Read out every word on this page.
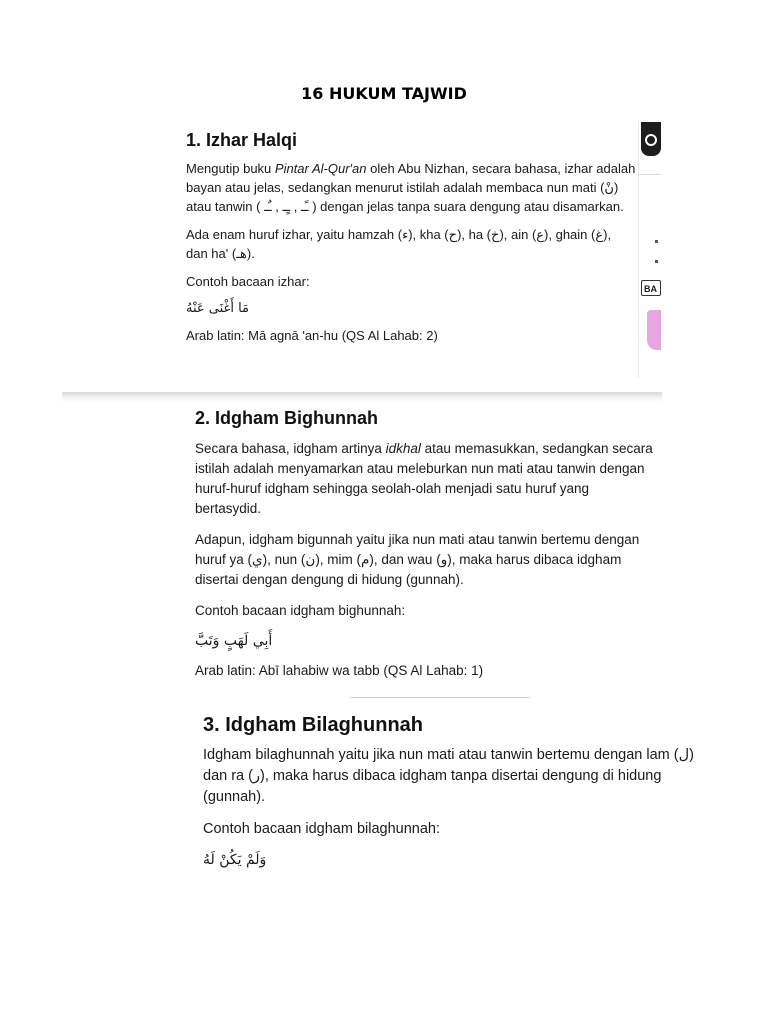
16 HUKUM TAJWID
1. Izhar Halqi

Mengutip buku Pintar Al-Qur'an oleh Abu Nizhan, secara bahasa, izhar adalah bayan atau jelas, sedangkan menurut istilah adalah membaca nun mati (نْ) atau tanwin ( ـًـ , ـٍـ , ـٌـ ) dengan jelas tanpa suara dengung atau disamarkan.

Ada enam huruf izhar, yaitu hamzah (ء), kha (ح), ha (خ), ain (ع), ghain (غ), dan ha' (هـ).

Contoh bacaan izhar:

مَا أَغْنَى عَنْهُ

Arab latin: Mā agnā 'an-hu (QS Al Lahab: 2)

BA
2. Idgham Bighunnah

Secara bahasa, idgham artinya idkhal atau memasukkan, sedangkan secara istilah adalah menyamarkan atau meleburkan nun mati atau tanwin dengan huruf-huruf idgham sehingga seolah-olah menjadi satu huruf yang bertasydid.

Adapun, idgham bigunnah yaitu jika nun mati atau tanwin bertemu dengan huruf ya (ي), nun (ن), mim (م), dan wau (و), maka harus dibaca idgham disertai dengan dengung di hidung (gunnah).

Contoh bacaan idgham bighunnah:

أَبِي لَهَبٍ وَتَبَّ

Arab latin: Abī lahabiw wa tabb (QS Al Lahab: 1)

3. Idgham Bilaghunnah

Idgham bilaghunnah yaitu jika nun mati atau tanwin bertemu dengan lam (ل) dan ra (ر), maka harus dibaca idgham tanpa disertai dengung di hidung (gunnah).

Contoh bacaan idgham bilaghunnah:

وَلَمْ يَكُنْ لَهُ
